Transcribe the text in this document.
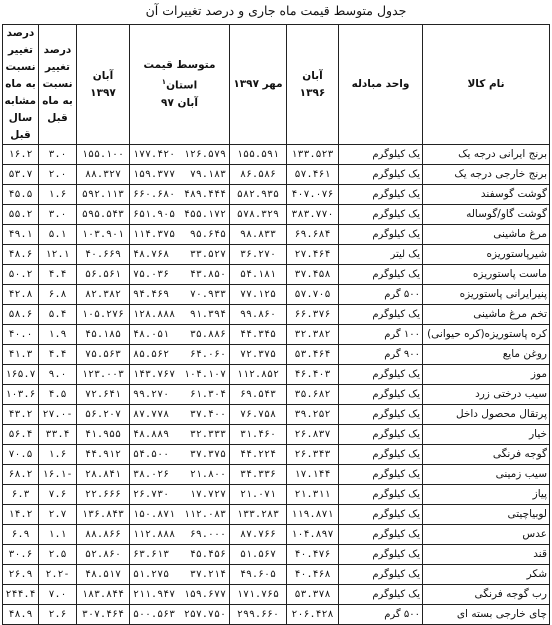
جدول متوسط قیمت ماه جاری و درصد تغییرات آن
نام کالا	واحد مبادله	آبان ۱۳۹۶	مهر ۱۳۹۷	متوسط قیمت استان$^۱$
آبان ۹۷	آبان ۱۳۹۷	درصد تغییر نسبت به ماه قبل	درصد تغییر نسبت به ماه مشابه سال قبل
برنج ایرانی درجه یک	یک کیلوگرم	۱۳۳.۵۲۳	۱۵۵.۵۹۱	۱۷۷.۴۲۰ ۱۲۶.۵۷۹	۱۵۵.۱۰۰	۳.۰	۱۶.۲
برنج خارجی درجه یک	یک کیلوگرم	۵۷.۴۶۱	۸۶.۵۸۶	۱۵۹.۳۷۷ ۷۹.۱۸۳	۸۸.۳۲۷	۲.۰	۵۳.۷
گوشت گوسفند	یک کیلوگرم	۴۰۷.۰۷۶	۵۸۲.۹۳۵	۶۶۰.۶۸۰ ۴۸۹.۴۴۴	۵۹۲.۱۱۳	۱.۶	۴۵.۵
گوشت گاو/گوساله	یک کیلوگرم	۳۸۳.۷۷۰	۵۷۸.۳۲۹	۶۵۱.۹۰۵ ۴۵۵.۱۷۲	۵۹۵.۵۴۳	۳.۰	۵۵.۲
مرغ ماشینی	یک کیلوگرم	۶۹.۶۸۴	۹۸.۸۳۳	۱۱۴.۳۷۵ ۹۵.۶۴۵	۱۰۳.۹۰۱	۵.۱	۴۹.۱
شیرپاستوریزه	یک لیتر	۲۷.۴۶۴	۳۶.۲۷۰	۴۸.۷۶۸ ۳۳.۵۲۷	۴۰.۶۶۹	۱۲.۱	۴۸.۶
ماست پاستوریزه	یک کیلوگرم	۳۷.۴۵۸	۵۴.۱۸۱	۷۵.۰۳۶ ۴۳.۸۵۰	۵۶.۵۶۱	۴.۴	۵۰.۲
پنیرایرانی پاستوریزه	۵۰۰ گرم	۵۷.۷۰۵	۷۷.۱۲۵	۹۴.۴۶۹ ۷۰.۹۳۳	۸۲.۳۸۲	۶.۸	۴۲.۸
تخم مرغ ماشینی	یک کیلوگرم	۶۶.۳۷۶	۹۹.۸۶۰	۱۲۸.۸۸۸ ۹۱.۳۹۴	۱۰۵.۲۷۶	۵.۴	۵۸.۶
کره پاستوریزه(کره حیوانی)	۱۰۰ گرم	۳۲.۳۸۲	۴۴.۳۴۵	۴۸.۰۵۱ ۳۵.۸۸۶	۴۵.۱۸۵	۱.۹	۴۰.۰
روغن مایع	۹۰۰ گرم	۵۳.۴۶۴	۷۲.۳۷۵	۸۵.۵۶۲ ۶۴.۰۶۰	۷۵.۵۶۳	۴.۴	۴۱.۳
موز	یک کیلوگرم	۴۶.۴۰۳	۱۱۲.۸۵۲	۱۴۳.۷۶۷ ۱۰۴.۱۰۷	۱۲۳.۰۰۳	۹.۰	۱۶۵.۷
سیب درختی زرد	یک کیلوگرم	۳۵.۶۸۲	۶۹.۵۴۳	۹۹.۲۷۰ ۶۱.۳۰۴	۷۲.۶۴۱	۴.۵	۱۰۳.۶
پرتقال محصول داخل	یک کیلوگرم	۳۹.۲۵۲	۷۶.۷۵۸	۸۷.۷۷۸ ۳۷.۴۰۰	۵۶.۲۰۷	۲۷.۰-	۴۳.۲
خیار	یک کیلوگرم	۲۶.۸۳۷	۳۱.۴۶۰	۴۸.۸۸۹ ۳۲.۳۳۳	۴۱.۹۵۵	۳۳.۴	۵۶.۴
گوجه فرنگی	یک کیلوگرم	۲۶.۳۴۳	۴۴.۲۲۴	۵۴.۵۰۰ ۳۷.۳۷۵	۴۴.۹۱۲	۱.۶	۷۰.۵
سیب زمینی	یک کیلوگرم	۱۷.۱۴۴	۳۴.۳۳۶	۳۸.۰۲۶ ۲۱.۸۰۰	۲۸.۸۴۱	۱۶.۱-	۶۸.۲
پیاز	یک کیلوگرم	۲۱.۳۱۱	۲۱.۰۷۱	۲۶.۷۳۰ ۱۷.۷۲۷	۲۲.۶۶۶	۷.۶	۶.۳
لوبیاچیتی	یک کیلوگرم	۱۱۹.۸۷۱	۱۳۳.۲۸۳	۱۵۰.۸۷۱ ۱۱۲.۰۸۳	۱۳۶.۸۴۳	۲.۷	۱۴.۲
عدس	یک کیلوگرم	۱۰۴.۸۹۷	۸۷.۷۶۶	۱۱۲.۸۸۸ ۶۹.۰۰۰	۸۸.۸۶۶	۱.۱	۶.۹
قند	یک کیلوگرم	۴۰.۴۷۶	۵۱.۵۶۷	۶۳.۶۱۳ ۴۵.۴۵۶	۵۲.۸۶۰	۲.۵	۳۰.۶
شکر	یک کیلوگرم	۴۰.۴۶۸	۴۹.۶۰۵	۵۱.۲۷۵ ۳۷.۲۱۴	۴۸.۵۱۷	۲.۲-	۲۶.۹
رب گوجه فرنگی	یک کیلوگرم	۵۳.۳۷۸	۱۷۱.۷۶۵	۲۱۱.۹۴۷ ۱۵۹.۶۷۷	۱۸۳.۸۴۴	۷.۰	۲۴۴.۴
چای خارجی بسته ای	۵۰۰ گرم	۲۰۶.۴۲۸	۲۹۹.۶۶۰	۵۰۰.۵۶۳ ۲۵۷.۷۵۰	۳۰۷.۴۶۴	۲.۶	۴۸.۹
